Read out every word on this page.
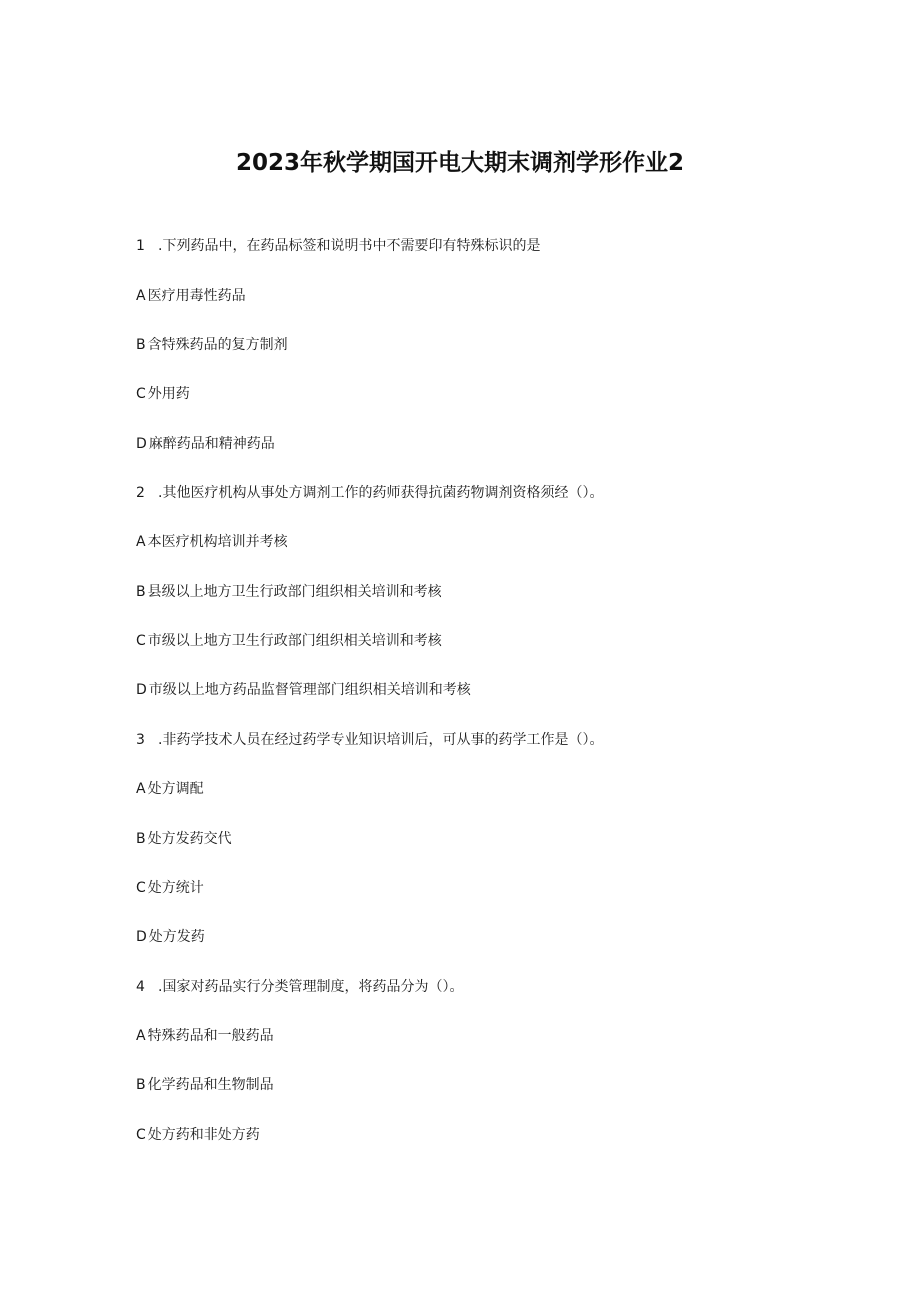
2023年秋学期国开电大期末调剂学形作业2
1 .下列药品中，在药品标签和说明书中不需要印有特殊标识的是
A 医疗用毒性药品
B 含特殊药品的复方制剂
C 外用药
D 麻醉药品和精神药品
2 .其他医疗机构从事处方调剂工作的药师获得抗菌药物调剂资格须经（）。
A 本医疗机构培训并考核
B 县级以上地方卫生行政部门组织相关培训和考核
C 市级以上地方卫生行政部门组织相关培训和考核
D 市级以上地方药品监督管理部门组织相关培训和考核
3 .非药学技术人员在经过药学专业知识培训后，可从事的药学工作是（）。
A 处方调配
B 处方发药交代
C 处方统计
D 处方发药
4 .国家对药品实行分类管理制度，将药品分为（）。
A 特殊药品和一般药品
B 化学药品和生物制品
C 处方药和非处方药
